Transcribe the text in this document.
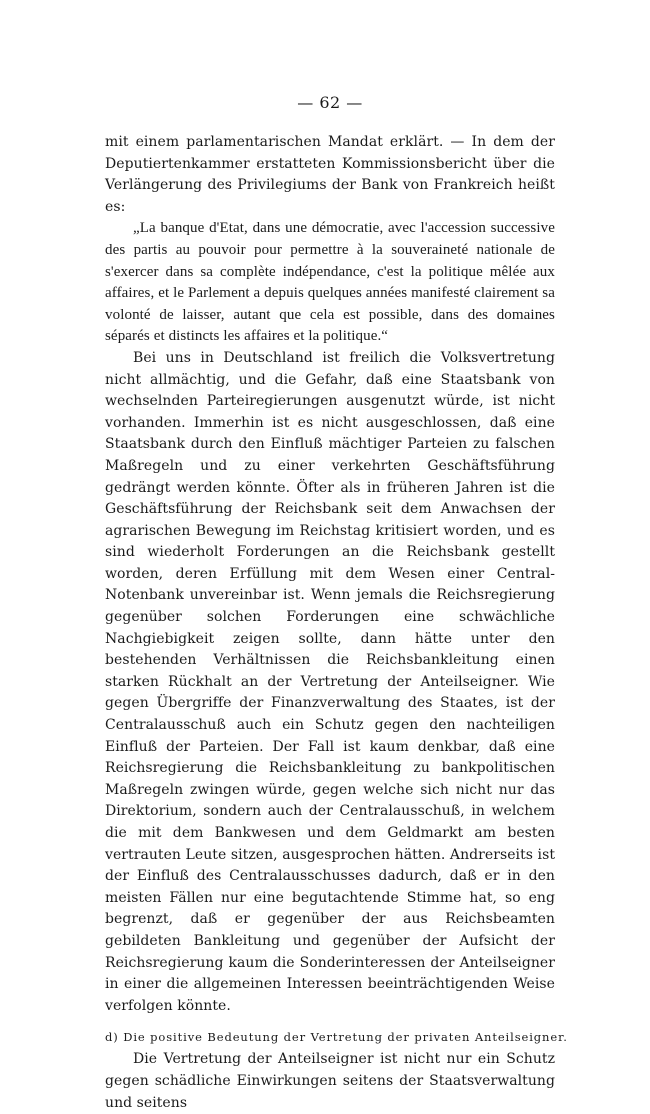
— 62 —

mit einem parlamentarischen Mandat erklärt. — In dem der Deputiertenkammer erstatteten Kommissionsbericht über die Verlängerung des Privilegiums der Bank von Frankreich heißt es:

„La banque d'Etat, dans une démocratie, avec l'accession successive des partis au pouvoir pour permettre à la souveraineté nationale de s'exercer dans sa complète indépendance, c'est la politique mêlée aux affaires, et le Parlement a depuis quelques années manifesté clairement sa volonté de laisser, autant que cela est possible, dans des domaines séparés et distincts les affaires et la politique.“

Bei uns in Deutschland ist freilich die Volksvertretung nicht allmächtig, und die Gefahr, daß eine Staatsbank von wechselnden Parteiregierungen ausgenutzt würde, ist nicht vorhanden. Immerhin ist es nicht ausgeschlossen, daß eine Staatsbank durch den Einfluß mächtiger Parteien zu falschen Maßregeln und zu einer verkehrten Geschäftsführung gedrängt werden könnte. Öfter als in früheren Jahren ist die Geschäftsführung der Reichsbank seit dem Anwachsen der agrarischen Bewegung im Reichstag kritisiert worden, und es sind wiederholt Forderungen an die Reichsbank gestellt worden, deren Erfüllung mit dem Wesen einer Central-Notenbank unvereinbar ist. Wenn jemals die Reichsregierung gegenüber solchen Forderungen eine schwächliche Nachgiebigkeit zeigen sollte, dann hätte unter den bestehenden Verhältnissen die Reichsbankleitung einen starken Rückhalt an der Vertretung der Anteilseigner. Wie gegen Übergriffe der Finanzverwaltung des Staates, ist der Centralausschuß auch ein Schutz gegen den nachteiligen Einfluß der Parteien. Der Fall ist kaum denkbar, daß eine Reichsregierung die Reichsbankleitung zu bankpolitischen Maßregeln zwingen würde, gegen welche sich nicht nur das Direktorium, sondern auch der Centralausschuß, in welchem die mit dem Bankwesen und dem Geldmarkt am besten vertrauten Leute sitzen, ausgesprochen hätten. Andrerseits ist der Einfluß des Centralausschusses dadurch, daß er in den meisten Fällen nur eine begutachtende Stimme hat, so eng begrenzt, daß er gegenüber der aus Reichsbeamten gebildeten Bankleitung und gegenüber der Aufsicht der Reichsregierung kaum die Sonderinteressen der Anteilseigner in einer die allgemeinen Interessen beeinträchtigenden Weise verfolgen könnte.

d) Die positive Bedeutung der Vertretung der privaten Anteilseigner.

Die Vertretung der Anteilseigner ist nicht nur ein Schutz gegen schädliche Einwirkungen seitens der Staatsverwaltung und seitens
